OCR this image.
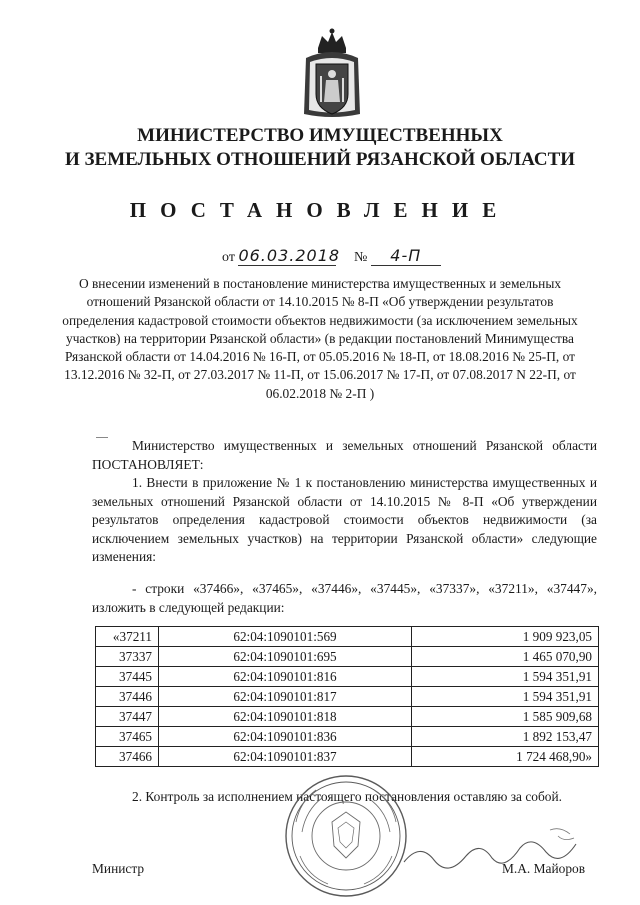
МИНИСТЕРСТВО ИМУЩЕСТВЕННЫХ
И ЗЕМЕЛЬНЫХ ОТНОШЕНИЙ РЯЗАНСКОЙ ОБЛАСТИ
ПОСТАНОВЛЕНИЕ
от 06.03.2018 № 4-П
О внесении изменений в постановление министерства имущественных и земельных отношений Рязанской области от 14.10.2015 № 8-П «Об утверждении результатов определения кадастровой стоимости объектов недвижимости (за исключением земельных участков) на территории Рязанской области» (в редакции постановлений Минимущества Рязанской области от 14.04.2016 № 16-П, от 05.05.2016 № 18-П, от 18.08.2016 № 25-П, от 13.12.2016 № 32-П, от 27.03.2017 № 11-П, от 15.06.2017 № 17-П, от 07.08.2017 N 22-П, от 06.02.2018 № 2-П )
Министерство имущественных и земельных отношений Рязанской области ПОСТАНОВЛЯЕТ:
1. Внести в приложение № 1 к постановлению министерства имущественных и земельных отношений Рязанской области от 14.10.2015 № 8-П «Об утверждении результатов определения кадастровой стоимости объектов недвижимости (за исключением земельных участков) на территории Рязанской области» следующие изменения:
- строки «37466», «37465», «37446», «37445», «37337», «37211», «37447», изложить в следующей редакции:
«37211	62:04:1090101:569	1 909 923,05
37337	62:04:1090101:695	1 465 070,90
37445	62:04:1090101:816	1 594 351,91
37446	62:04:1090101:817	1 594 351,91
37447	62:04:1090101:818	1 585 909,68
37465	62:04:1090101:836	1 892 153,47
37466	62:04:1090101:837	1 724 468,90»
2. Контроль за исполнением настоящего постановления оставляю за собой.
Министр	М.А. Майоров
